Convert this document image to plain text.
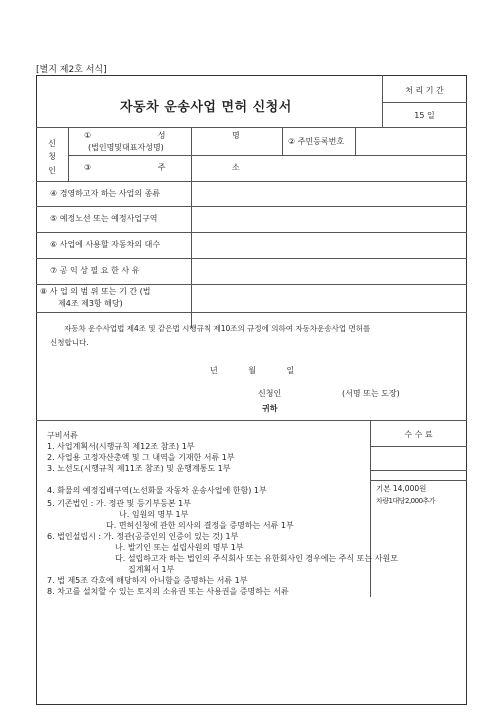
[별지 제2호 서식]
자동차 운송사업 면허 신청서
처 리 기 간
15 일
신
청
인
① 성 명
(법인명및대표자성명)
② 주민등록번호
③ 주 소
④ 경영하고자 하는 사업의 종류
⑤ 예정노선 또는 예정사업구역
⑥ 사업에 사용할 자동차의 대수
⑦ 공 익 상 필 요 한 사 유
⑧ 사 업 의 범 위 또는 기 간 (법
제4조 제3항 해당)
자동차 운수사업법 제4조 및 같은법 시행규칙 제10조의 규정에 의하여 자동차운송사업 면허를
신청합니다.
년 월 일
신청인	(서명 또는 도장)
귀하
구비서류
1. 사업계획서(시행규칙 제12조 참조) 1부
2. 사업용 고정자산총액 및 그 내역을 기재한 서류 1부
3. 노선도(시행규칙 제11조 참조) 및 운행계통도 1부
4. 화물의 예정집배구역(노선화물 자동차 운송사업에 한함) 1부
5. 기존법인 : 가. 정관 및 등기부등본 1부
나. 임원의 명부 1부
다. 면허신청에 관한 의사의 결정을 증명하는 서류 1부
6. 법인설립시 : 가. 정관(공증인의 인증이 있는 것) 1부
나. 발기인 또는 설립사원의 명부 1부
다. 설립하고자 하는 법인의 주식회사 또는 유한회사인 경우에는 주식 또는 사원모
집계획서 1부
7. 법 제5조 각호에 해당하지 아니함을 증명하는 서류 1부
8. 차고를 설치할 수 있는 토지의 소유권 또는 사용권을 증명하는 서류
수 수 료
기본 14,000원
차량1대당2,000추가
